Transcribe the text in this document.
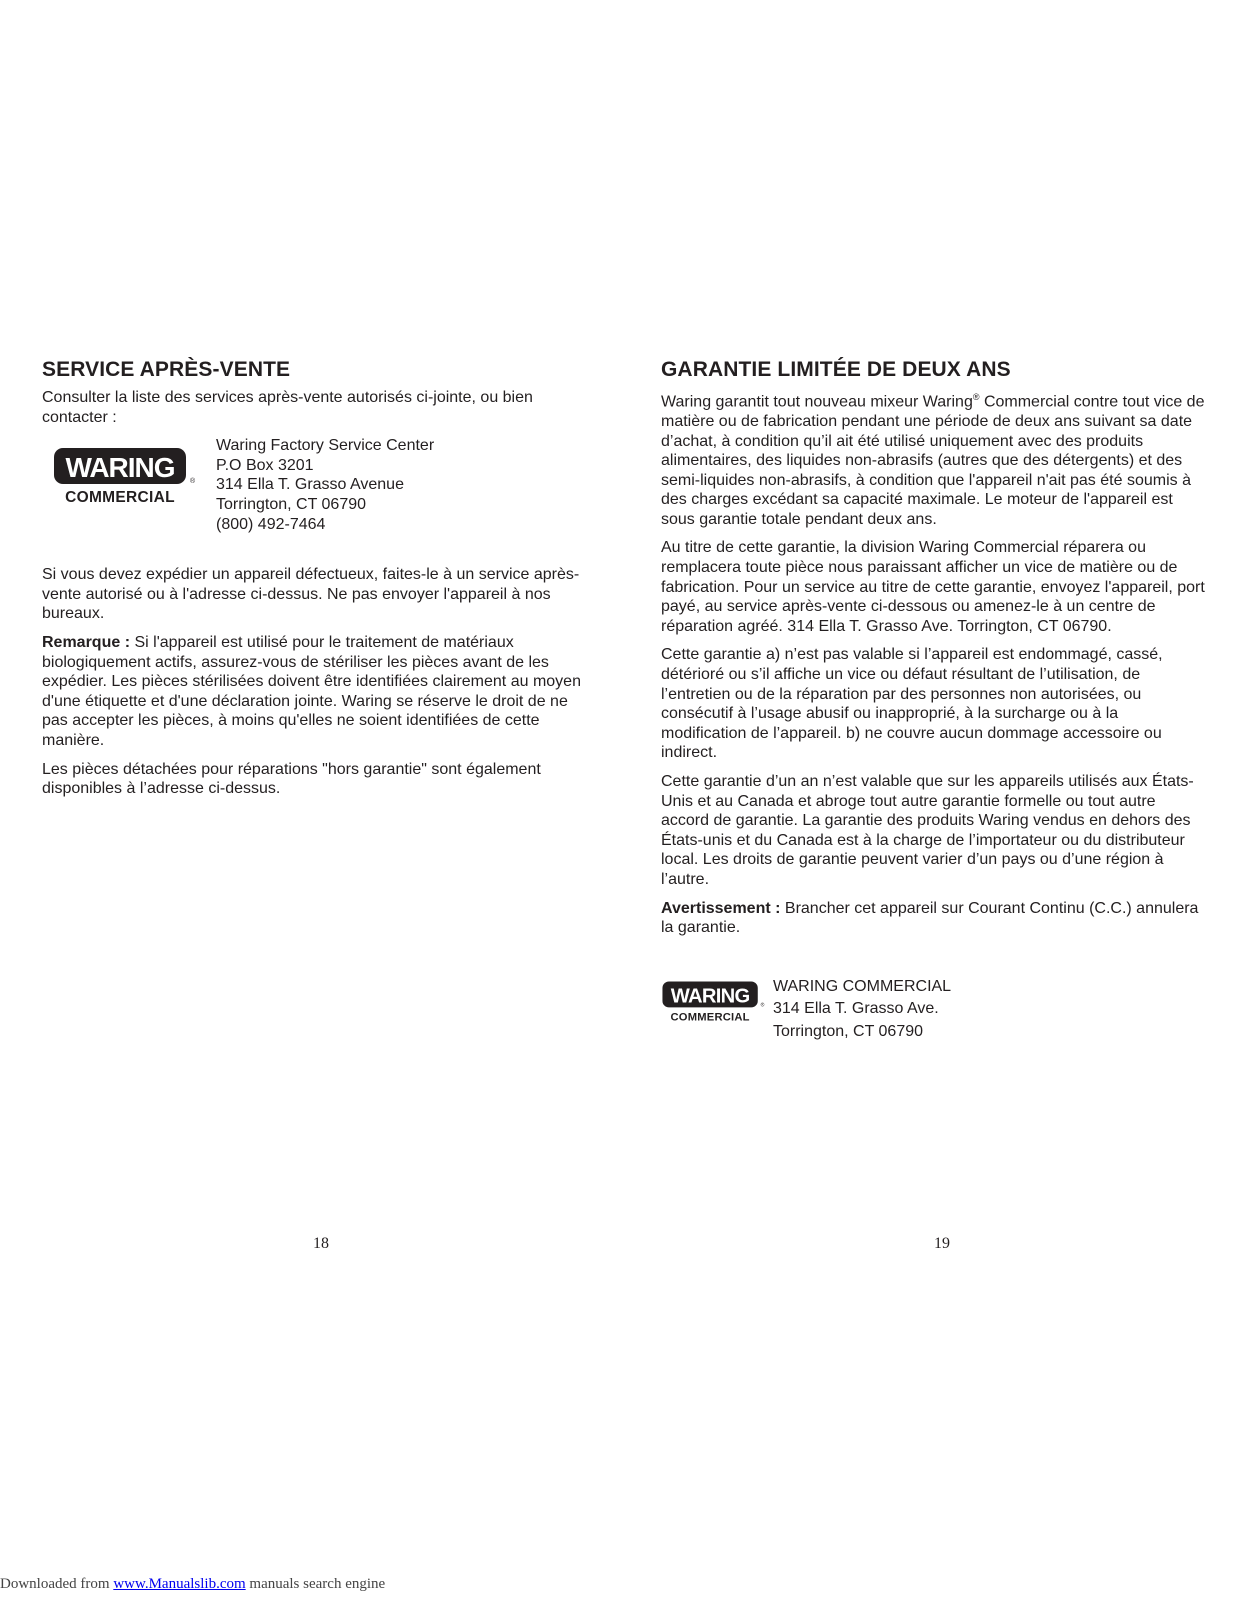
SERVICE APRÈS-VENTE

Consulter la liste des services après-vente autorisés ci-jointe, ou bien contacter :

WARING
COMMERCIAL
®

Waring Factory Service Center

P.O Box 3201

314 Ella T. Grasso Avenue

Torrington, CT 06790

(800) 492-7464

Si vous devez expédier un appareil défectueux, faites-le à un service après-vente autorisé ou à l'adresse ci-dessus. Ne pas envoyer l'appareil à nos bureaux.

Remarque : Si l'appareil est utilisé pour le traitement de matériaux biologiquement actifs, assurez-vous de stériliser les pièces avant de les expédier. Les pièces stérilisées doivent être identifiées clairement au moyen d'une étiquette et d'une déclaration jointe. Waring se réserve le droit de ne pas accepter les pièces, à moins qu'elles ne soient identifiées de cette manière.

Les pièces détachées pour réparations "hors garantie" sont également disponibles à l’adresse ci-dessus.

GARANTIE LIMITÉE DE DEUX ANS

Waring garantit tout nouveau mixeur Waring® Commercial contre tout vice de matière ou de fabrication pendant une période de deux ans suivant sa date d’achat, à condition qu’il ait été utilisé uniquement avec des produits alimentaires, des liquides non-abrasifs (autres que des détergents) et des semi-liquides non-abrasifs, à condition que l'appareil n'ait pas été soumis à des charges excédant sa capacité maximale. Le moteur de l'appareil est sous garantie totale pendant deux ans.

Au titre de cette garantie, la division Waring Commercial réparera ou remplacera toute pièce nous paraissant afficher un vice de matière ou de fabrication. Pour un service au titre de cette garantie, envoyez l'appareil, port payé, au service après-vente ci-dessous ou amenez-le à un centre de réparation agréé. 314 Ella T. Grasso Ave. Torrington, CT 06790.

Cette garantie a) n’est pas valable si l’appareil est endommagé, cassé, détérioré ou s’il affiche un vice ou défaut résultant de l’utilisation, de l’entretien ou de la réparation par des personnes non autorisées, ou consécutif à l’usage abusif ou inapproprié, à la surcharge ou à la modification de l’appareil. b) ne couvre aucun dommage accessoire ou indirect.

Cette garantie d’un an n’est valable que sur les appareils utilisés aux États-Unis et au Canada et abroge tout autre garantie formelle ou tout autre accord de garantie. La garantie des produits Waring vendus en dehors des États-unis et du Canada est à la charge de l’importateur ou du distributeur local. Les droits de garantie peuvent varier d’un pays ou d’une région à l’autre.

Avertissement : Brancher cet appareil sur Courant Continu (C.C.) annulera la garantie.

WARING
COMMERCIAL
®

WARING COMMERCIAL

314 Ella T. Grasso Ave.

Torrington, CT 06790

18	19
Downloaded from www.Manualslib.com manuals search engine
